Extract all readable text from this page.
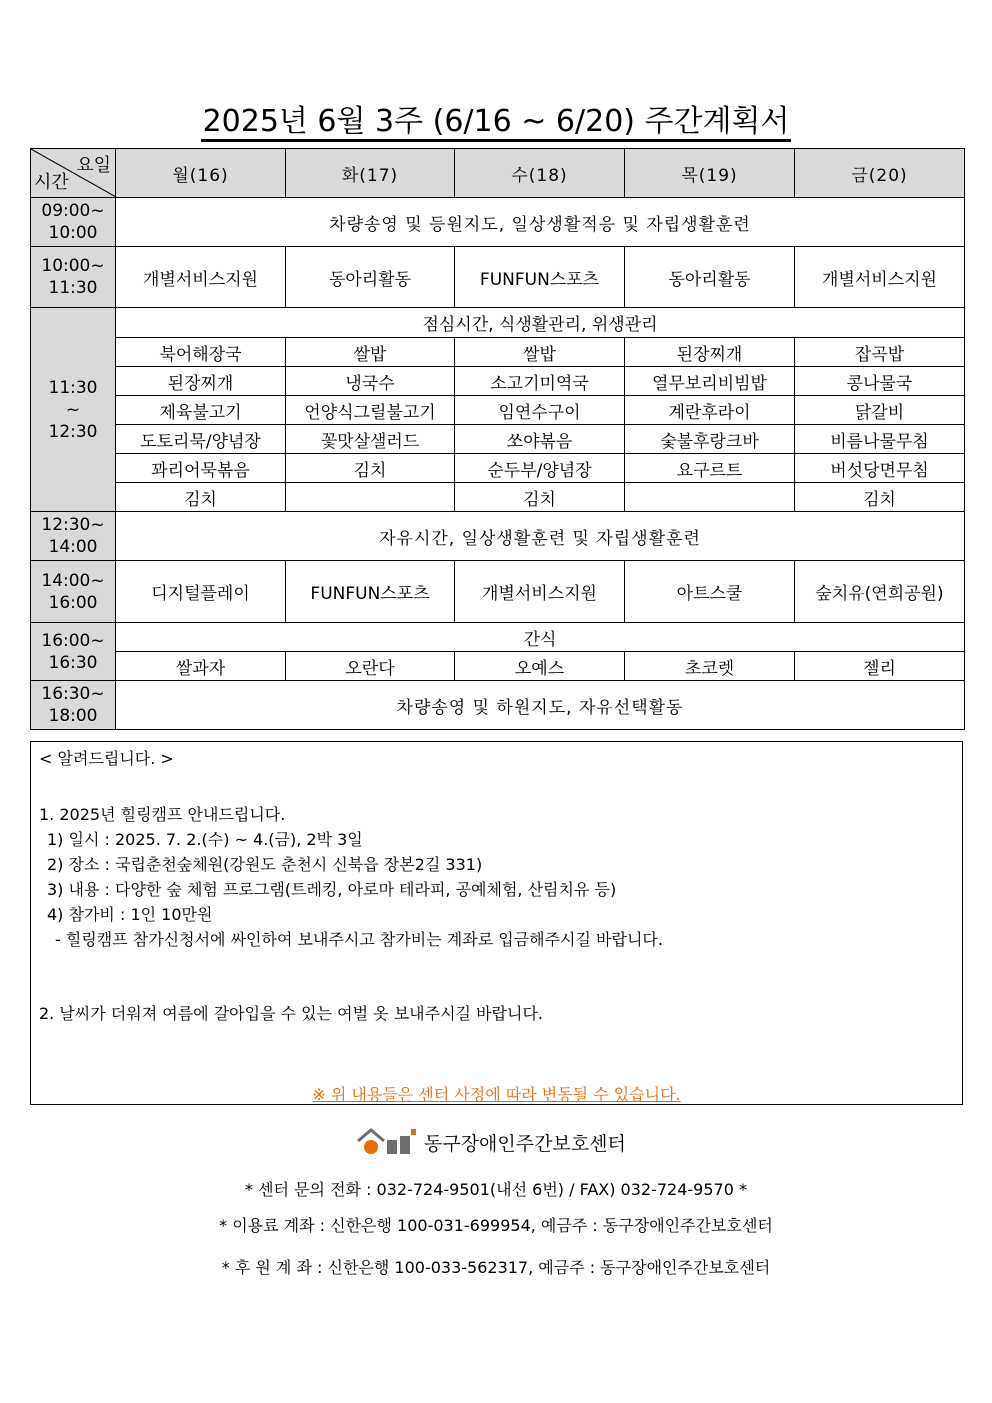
2025년 6월 3주 (6/16 ~ 6/20) 주간계획서
요일
시간	월(16)	화(17)	수(18)	목(19)	금(20)
09:00~
10:00	차량송영 및 등원지도, 일상생활적응 및 자립생활훈련				
10:00~
11:30	개별서비스지원	동아리활동	FUNFUN스포츠	동아리활동	개별서비스지원
11:30
~
12:30	점심시간, 식생활관리, 위생관리				
	북어해장국	쌀밥	쌀밥	된장찌개	잡곡밥
	된장찌개	냉국수	소고기미역국	열무보리비빔밥	콩나물국
	제육불고기	언양식그릴불고기	임연수구이	계란후라이	닭갈비
	도토리묵/양념장	꽃맛살샐러드	쏘야볶음	숯불후랑크바	비름나물무침
	꽈리어묵볶음	김치	순두부/양념장	요구르트	버섯당면무침
	김치		김치		김치
12:30~
14:00	자유시간, 일상생활훈련 및 자립생활훈련				
14:00~
16:00	디지털플레이	FUNFUN스포츠	개별서비스지원	아트스쿨	숲치유(연희공원)
16:00~
16:30	간식				
	쌀과자	오란다	오예스	초코렛	젤리
16:30~
18:00	차량송영 및 하원지도, 자유선택활동				

< 알려드립니다. >

1. 2025년 힐링캠프 안내드립니다.

1) 일시 : 2025. 7. 2.(수) ~ 4.(금), 2박 3일

2) 장소 : 국립춘천숲체원(강원도 춘천시 신북읍 장본2길 331)

3) 내용 : 다양한 숲 체험 프로그램(트레킹, 아로마 테라피, 공예체험, 산림치유 등)

4) 참가비 : 1인 10만원

- 힐링캠프 참가신청서에 싸인하여 보내주시고 참가비는 계좌로 입금해주시길 바랍니다.

2. 날씨가 더워져 여름에 갈아입을 수 있는 여벌 옷 보내주시길 바랍니다.

※ 위 내용들은 센터 사정에 따라 변동될 수 있습니다.

동구장애인주간보호센터
* 센터 문의 전화 : 032-724-9501(내선 6번) / FAX) 032-724-9570 *
* 이용료 계좌 : 신한은행 100-031-699954, 예금주 : 동구장애인주간보호센터
* 후 원 계 좌 : 신한은행 100-033-562317, 예금주 : 동구장애인주간보호센터
